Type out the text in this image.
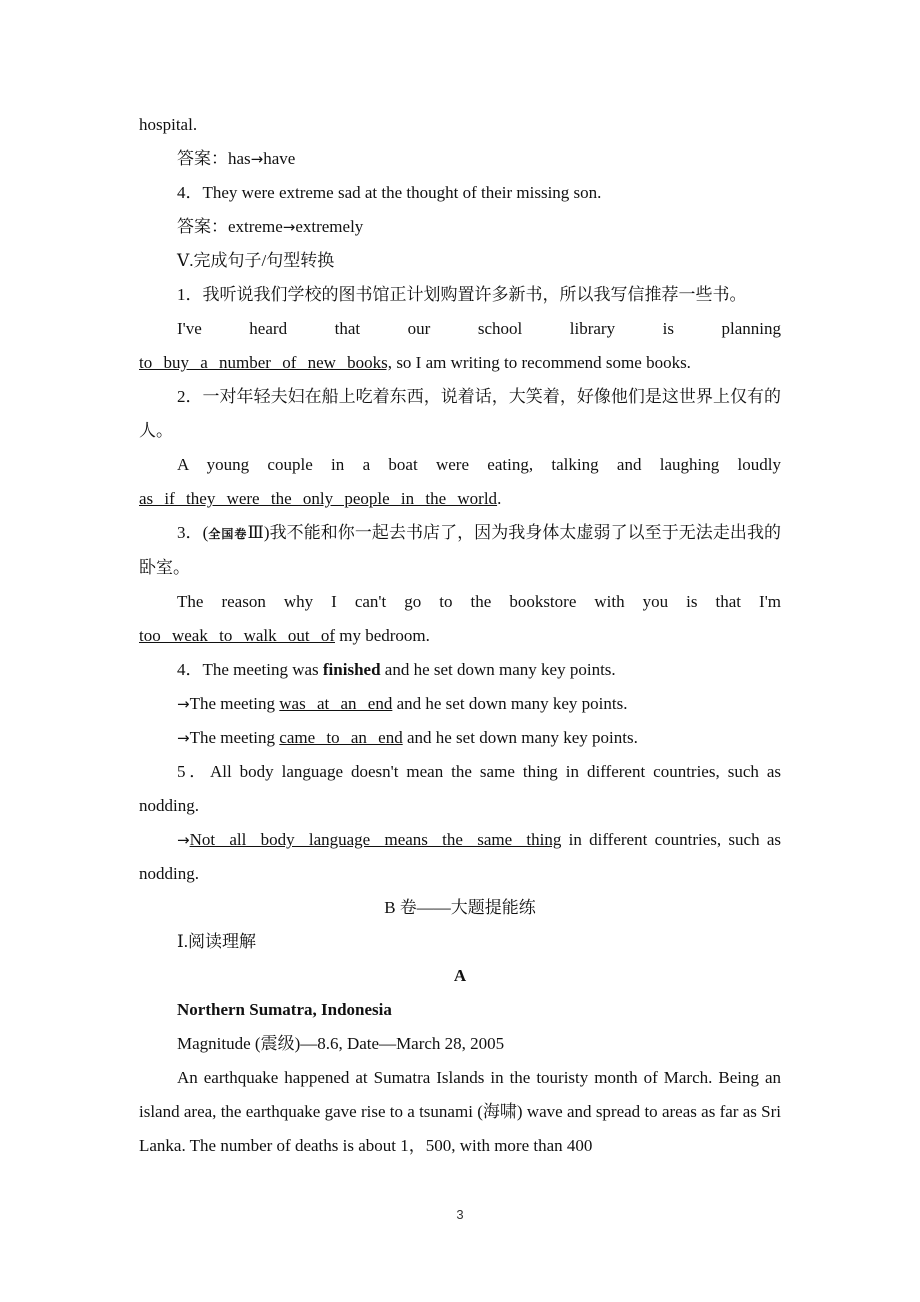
hospital.

答案：has→have

4．They were extreme sad at the thought of their missing son.

答案：extreme→extremely

Ⅴ.完成句子/句型转换

1．我听说我们学校的图书馆正计划购置许多新书，所以我写信推荐一些书。

I've heard that our school library is planning

to buy a number of new books, so I am writing to recommend some books.

2．一对年轻夫妇在船上吃着东西，说着话，大笑着，好像他们是这世界上仅有的人。

A young couple in a boat were eating, talking and laughing loudly

as if they were the only people in the world.

3．(全国卷Ⅲ)我不能和你一起去书店了，因为我身体太虚弱了以至于无法走出我的卧室。

The reason why I can't go to the bookstore with you is that I'm

too weak to walk out of my bedroom.

4．The meeting was finished and he set down many key points.

→The meeting was at an end and he set down many key points.

→The meeting came to an end and he set down many key points.

5．All body language doesn't mean the same thing in different countries, such as nodding.

→Not all body language means the same thing in different countries, such as nodding.

B 卷——大题提能练

Ⅰ.阅读理解

A

Northern Sumatra, Indonesia

Magnitude (震级)—8.6, Date—March 28, 2005

An earthquake happened at Sumatra Islands in the touristy month of March. Being an island area, the earthquake gave rise to a tsunami (海啸) wave and spread to areas as far as Sri Lanka. The number of deaths is about 1，500, with more than 400

3
